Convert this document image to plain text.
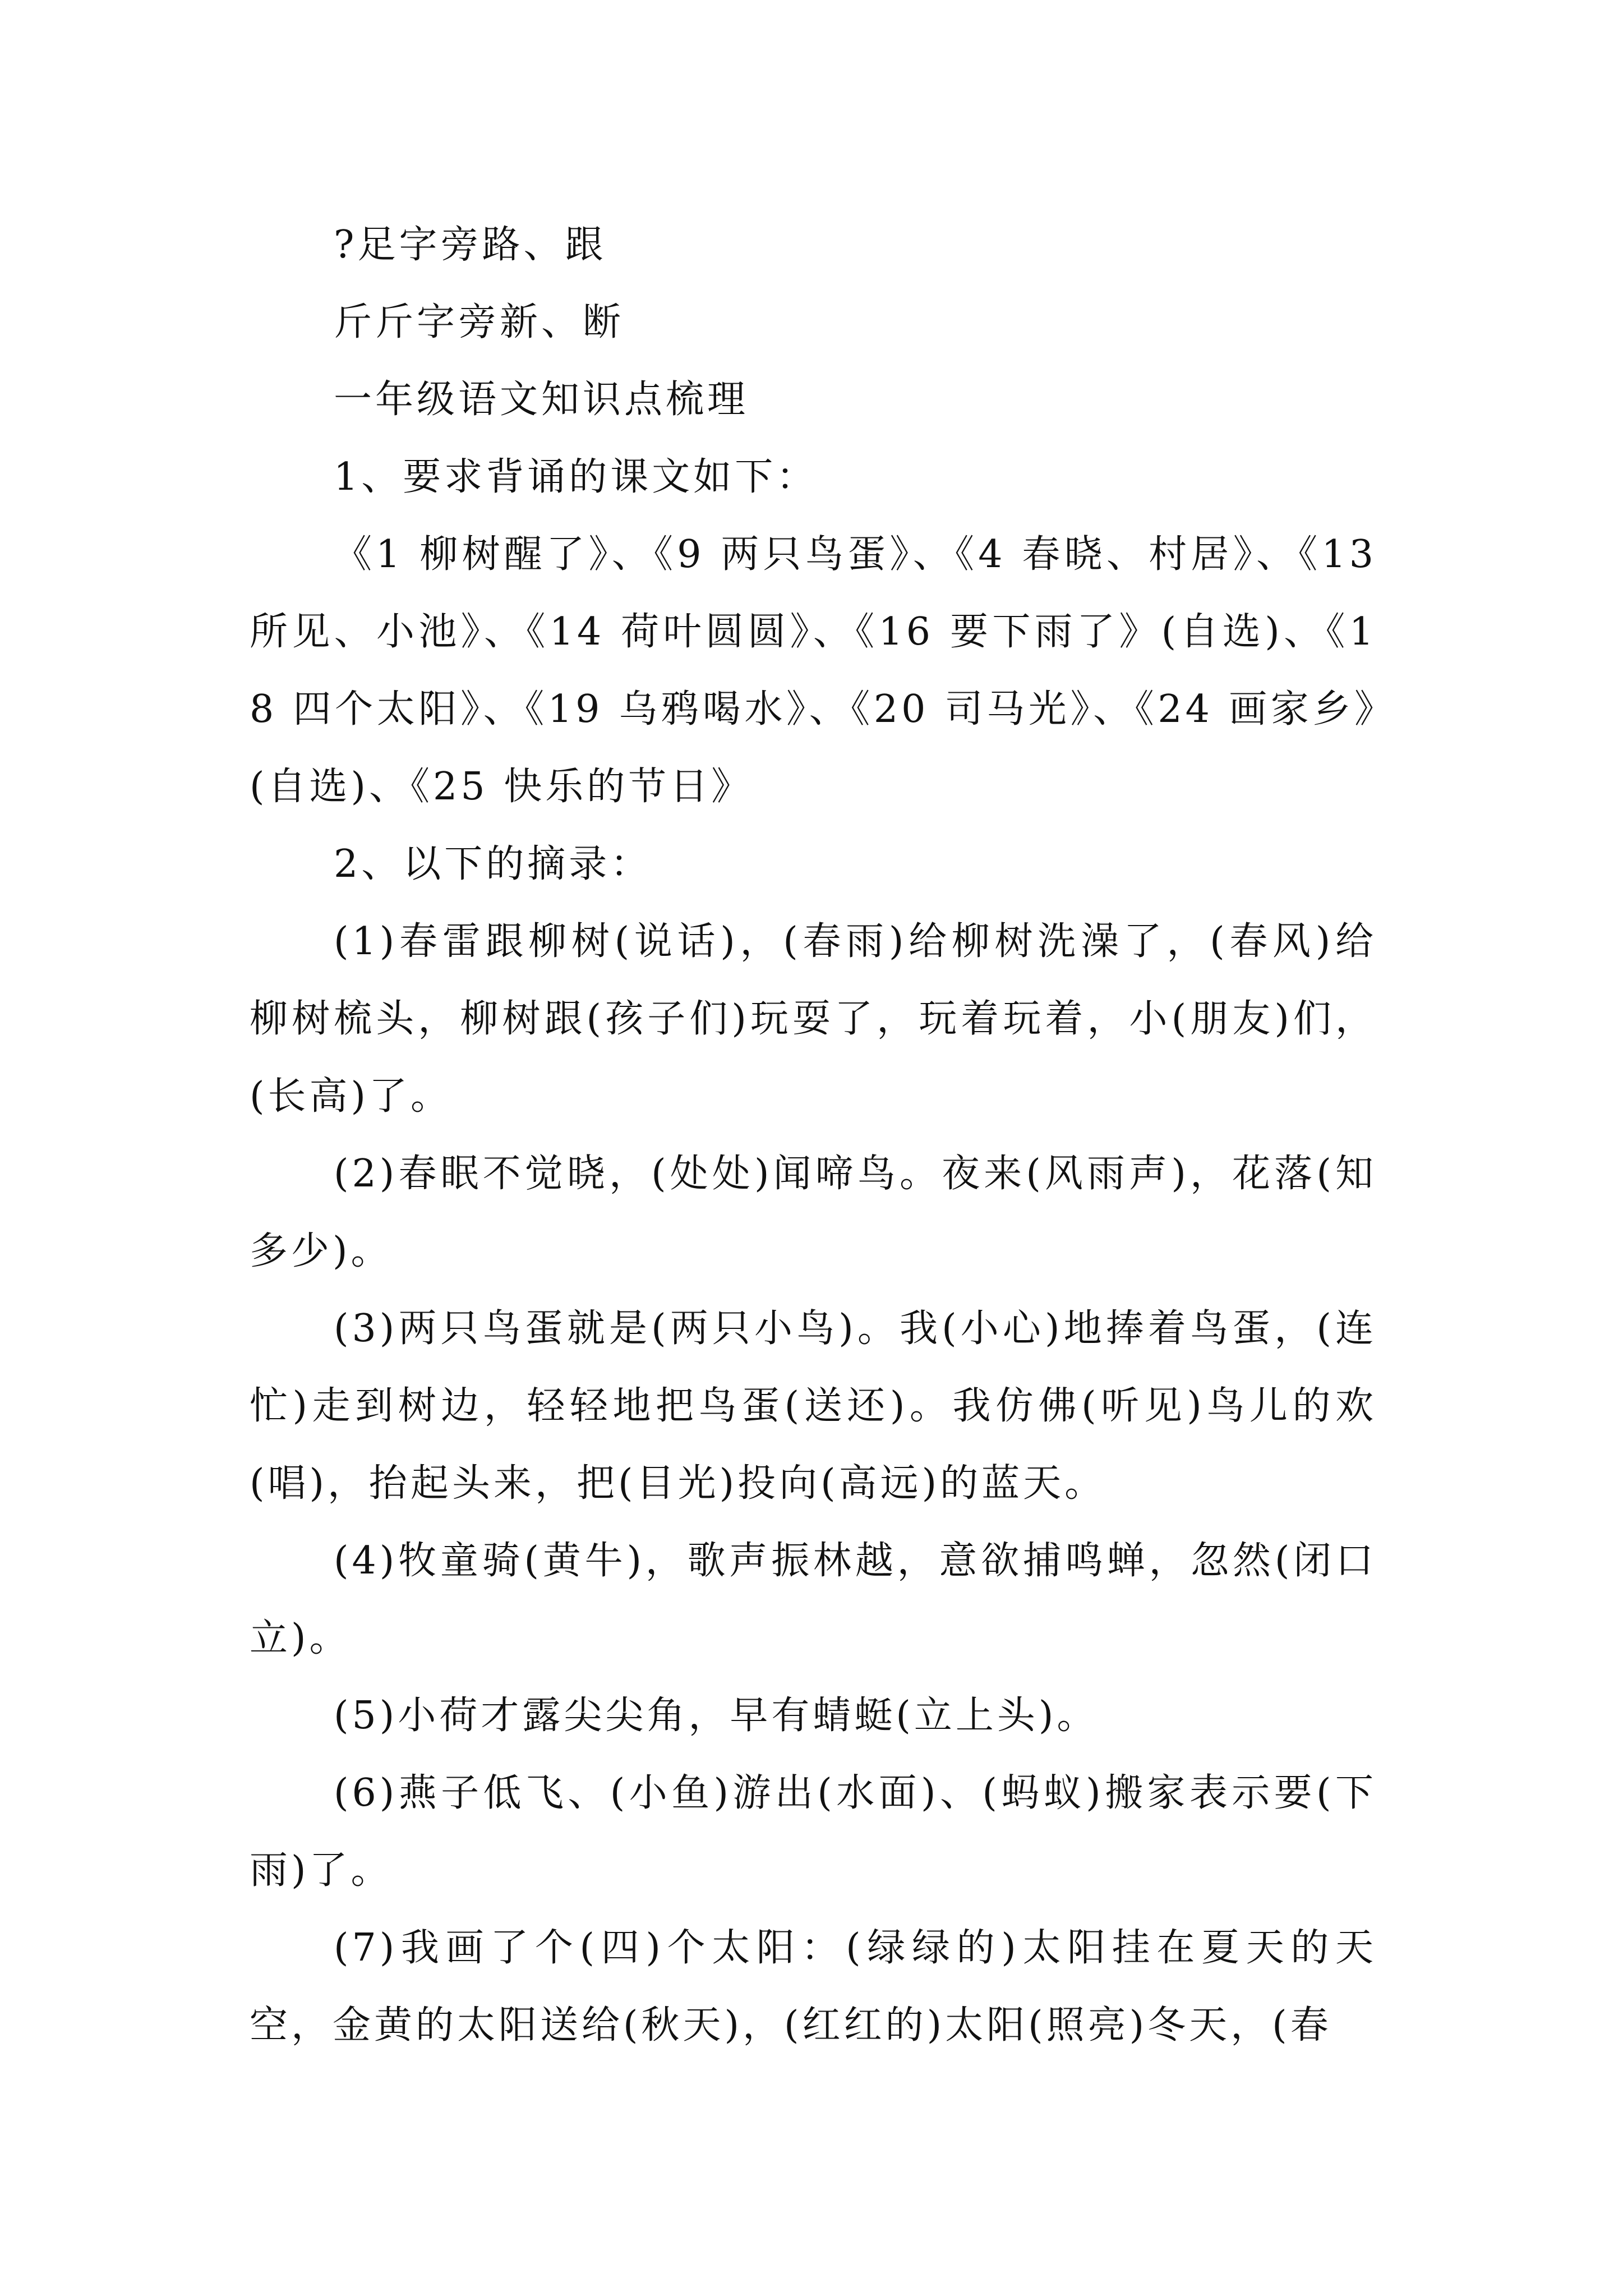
?足字旁路、跟

斤斤字旁新、断

一年级语文知识点梳理

1、要求背诵的课文如下：

《1 柳树醒了》、《9 两只鸟蛋》、《4 春晓、村居》、《13 所见、小池》、《14 荷叶圆圆》、《16 要下雨了》(自选)、《18 四个太阳》、《19 乌鸦喝水》、《20 司马光》、《24 画家乡》(自选)、《25 快乐的节日》

2、以下的摘录：

(1)春雷跟柳树(说话)，(春雨)给柳树洗澡了，(春风)给柳树梳头，柳树跟(孩子们)玩耍了，玩着玩着，小(朋友)们，(长高)了。

(2)春眠不觉晓，(处处)闻啼鸟。夜来(风雨声)，花落(知多少)。

(3)两只鸟蛋就是(两只小鸟)。我(小心)地捧着鸟蛋，(连忙)走到树边，轻轻地把鸟蛋(送还)。我仿佛(听见)鸟儿的欢(唱)，抬起头来，把(目光)投向(高远)的蓝天。

(4)牧童骑(黄牛)，歌声振林越，意欲捕鸣蝉，忽然(闭口立)。

(5)小荷才露尖尖角，早有蜻蜓(立上头)。

(6)燕子低飞、(小鱼)游出(水面)、(蚂蚁)搬家表示要(下雨)了。

(7)我画了个(四)个太阳：(绿绿的)太阳挂在夏天的天空，金黄的太阳送给(秋天)，(红红的)太阳(照亮)冬天，(春
